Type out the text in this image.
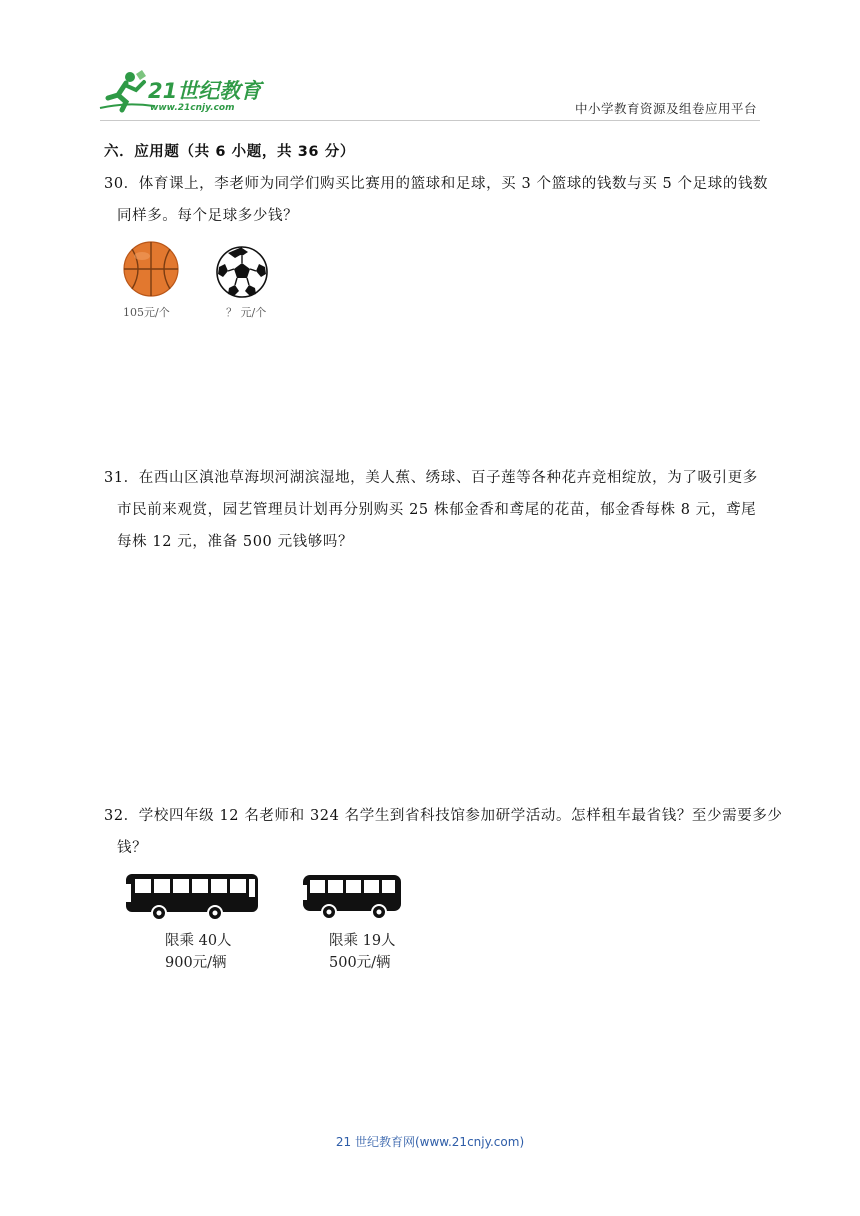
21世纪教育
www.21cnjy.com	中小学教育资源及组卷应用平台
六．应用题（共 6 小题，共 36 分）
30．体育课上，李老师为同学们购买比赛用的篮球和足球，买 3 个篮球的钱数与买 5 个足球的钱数
同样多。每个足球多少钱？
105元/个	？ 元/个
31．在西山区滇池草海坝河湖滨湿地，美人蕉、绣球、百子莲等各种花卉竞相绽放，为了吸引更多
市民前来观赏，园艺管理员计划再分别购买 25 株郁金香和鸢尾的花苗，郁金香每株 8 元，鸢尾
每株 12 元，准备 500 元钱够吗？
32．学校四年级 12 名老师和 324 名学生到省科技馆参加研学活动。怎样租车最省钱？至少需要多少
钱？
限乘 40人
900元/辆
限乘 19人
500元/辆
21 世纪教育网(www.21cnjy.com)
